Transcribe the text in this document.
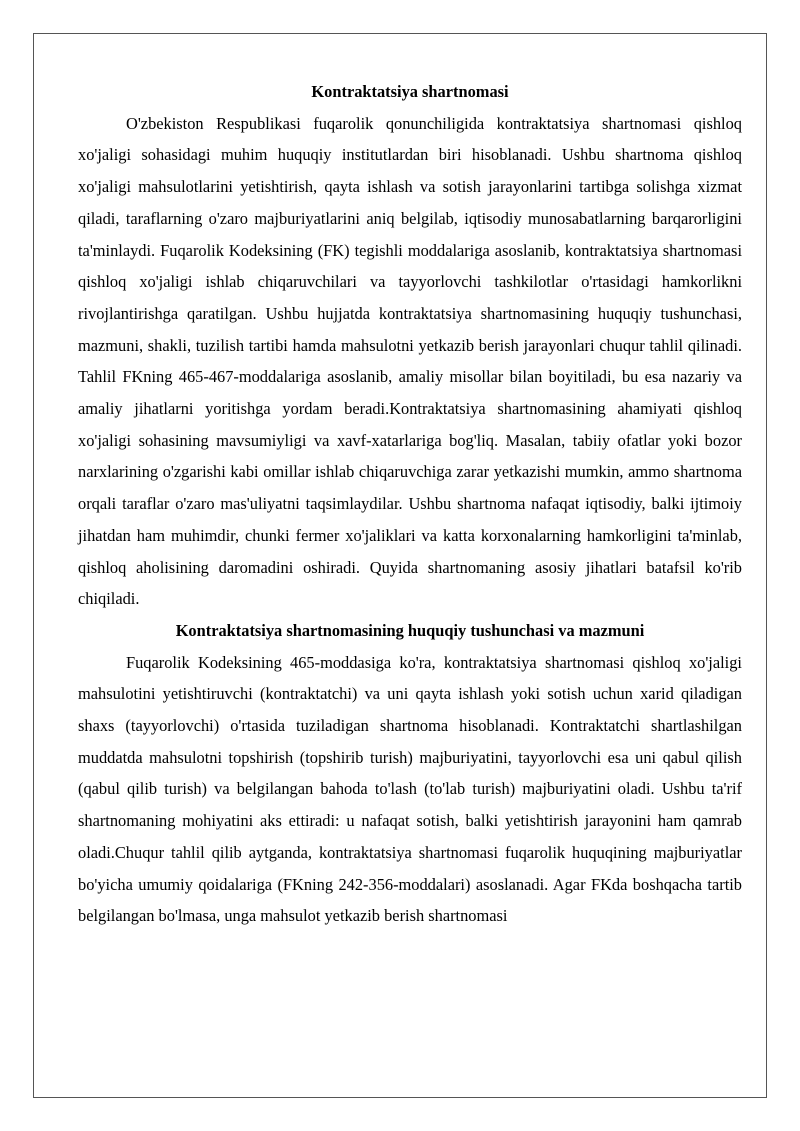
Kontraktatsiya shartnomasi

O'zbekiston Respublikasi fuqarolik qonunchiligida kontraktatsiya shartnomasi qishloq xo'jaligi sohasidagi muhim huquqiy institutlardan biri hisoblanadi. Ushbu shartnoma qishloq xo'jaligi mahsulotlarini yetishtirish, qayta ishlash va sotish jarayonlarini tartibga solishga xizmat qiladi, taraflarning o'zaro majburiyatlarini aniq belgilab, iqtisodiy munosabatlarning barqarorligini ta'minlaydi. Fuqarolik Kodeksining (FK) tegishli moddalariga asoslanib, kontraktatsiya shartnomasi qishloq xo'jaligi ishlab chiqaruvchilari va tayyorlovchi tashkilotlar o'rtasidagi hamkorlikni rivojlantirishga qaratilgan. Ushbu hujjatda kontraktatsiya shartnomasining huquqiy tushunchasi, mazmuni, shakli, tuzilish tartibi hamda mahsulotni yetkazib berish jarayonlari chuqur tahlil qilinadi. Tahlil FKning 465-467-moddalariga asoslanib, amaliy misollar bilan boyitiladi, bu esa nazariy va amaliy jihatlarni yoritishga yordam beradi.Kontraktatsiya shartnomasining ahamiyati qishloq xo'jaligi sohasining mavsumiyligi va xavf-xatarlariga bog'liq. Masalan, tabiiy ofatlar yoki bozor narxlarining o'zgarishi kabi omillar ishlab chiqaruvchiga zarar yetkazishi mumkin, ammo shartnoma orqali taraflar o'zaro mas'uliyatni taqsimlaydilar. Ushbu shartnoma nafaqat iqtisodiy, balki ijtimoiy jihatdan ham muhimdir, chunki fermer xo'jaliklari va katta korxonalarning hamkorligini ta'minlab, qishloq aholisining daromadini oshiradi. Quyida shartnomaning asosiy jihatlari batafsil ko'rib chiqiladi.

Kontraktatsiya shartnomasining huquqiy tushunchasi va mazmuni

Fuqarolik Kodeksining 465-moddasiga ko'ra, kontraktatsiya shartnomasi qishloq xo'jaligi mahsulotini yetishtiruvchi (kontraktatchi) va uni qayta ishlash yoki sotish uchun xarid qiladigan shaxs (tayyorlovchi) o'rtasida tuziladigan shartnoma hisoblanadi. Kontraktatchi shartlashilgan muddatda mahsulotni topshirish (topshirib turish) majburiyatini, tayyorlovchi esa uni qabul qilish (qabul qilib turish) va belgilangan bahoda to'lash (to'lab turish) majburiyatini oladi. Ushbu ta'rif shartnomaning mohiyatini aks ettiradi: u nafaqat sotish, balki yetishtirish jarayonini ham qamrab oladi.Chuqur tahlil qilib aytganda, kontraktatsiya shartnomasi fuqarolik huquqining majburiyatlar bo'yicha umumiy qoidalariga (FKning 242-356-moddalari) asoslanadi. Agar FKda boshqacha tartib belgilangan bo'lmasa, unga mahsulot yetkazib berish shartnomasi
